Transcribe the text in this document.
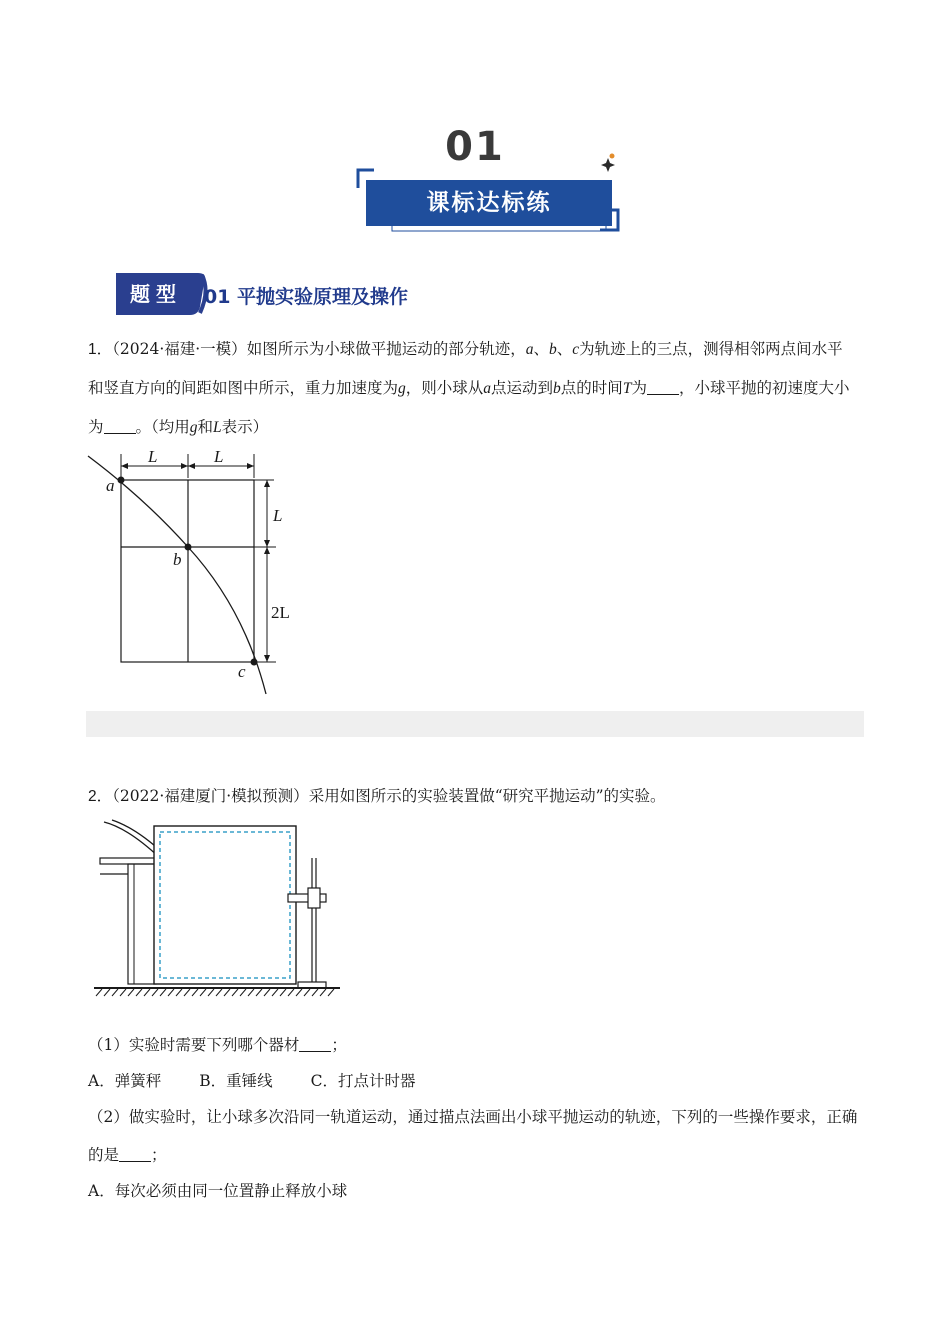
01
课标达标练
题型	01 平抛实验原理及操作
1．（2024·福建·一模）如图所示为小球做平抛运动的部分轨迹，a、b、c为轨迹上的三点，测得相邻两点间水平和竖直方向的间距如图中所示，重力加速度为g，则小球从a点运动到b点的时间T为 ，小球平抛的初速度大小为 。（均用g和L表示）
L	L
L
2L
a
b
c
2．（2022·福建厦门·模拟预测）采用如图所示的实验装置做“研究平抛运动”的实验。
（1）实验时需要下列哪个器材 ；
A．弹簧秤 B．重锤线 C．打点计时器
（2）做实验时，让小球多次沿同一轨道运动，通过描点法画出小球平抛运动的轨迹，下列的一些操作要求，正确的是 ；
A．每次必须由同一位置静止释放小球
